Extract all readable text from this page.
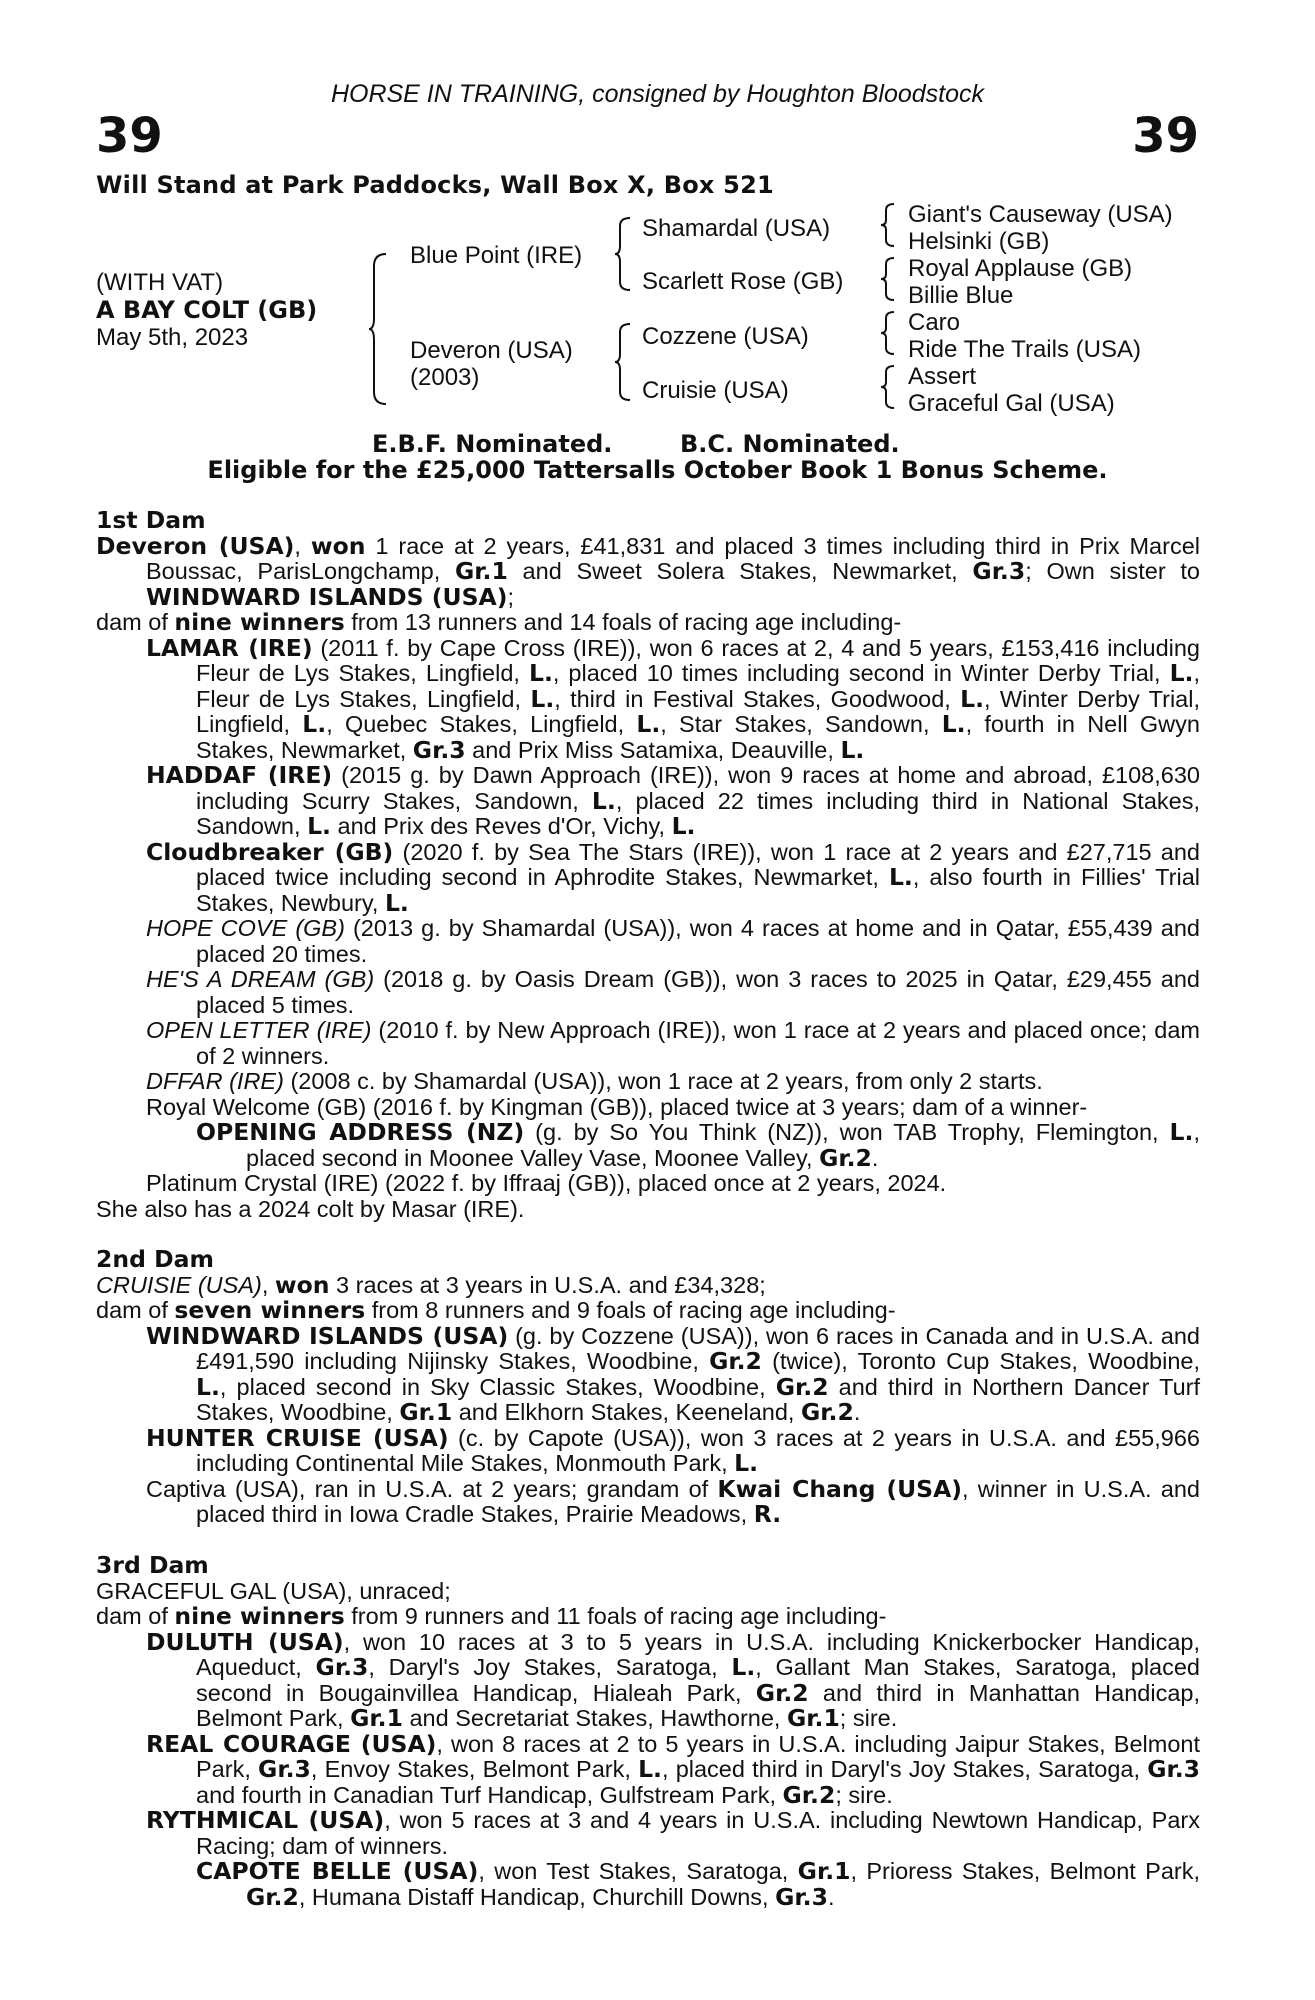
HORSE IN TRAINING, consigned by Houghton Bloodstock
39	39
Will Stand at Park Paddocks, Wall Box X, Box 521
(WITH VAT)
A BAY COLT (GB)
May 5th, 2023
Blue Point (IRE)
Deveron (USA)
(2003)
Shamardal (USA)
Scarlett Rose (GB)
Cozzene (USA)
Cruisie (USA)
Giant's Causeway (USA)
Helsinki (GB)
Royal Applause (GB)
Billie Blue
Caro
Ride The Trails (USA)
Assert
Graceful Gal (USA)
E.B.F. Nominated.	B.C. Nominated.
Eligible for the £25,000 Tattersalls October Book 1 Bonus Scheme.
1st Dam

Deveron (USA), won 1 race at 2 years, £41,831 and placed 3 times including third in Prix Marcel Boussac, ParisLongchamp, Gr.1 and Sweet Solera Stakes, Newmarket, Gr.3; Own sister to WINDWARD ISLANDS (USA);

dam of nine winners from 13 runners and 14 foals of racing age including-

LAMAR (IRE) (2011 f. by Cape Cross (IRE)), won 6 races at 2, 4 and 5 years, £153,416 including Fleur de Lys Stakes, Lingfield, L., placed 10 times including second in Winter Derby Trial, L., Fleur de Lys Stakes, Lingfield, L., third in Festival Stakes, Goodwood, L., Winter Derby Trial, Lingfield, L., Quebec Stakes, Lingfield, L., Star Stakes, Sandown, L., fourth in Nell Gwyn Stakes, Newmarket, Gr.3 and Prix Miss Satamixa, Deauville, L.

HADDAF (IRE) (2015 g. by Dawn Approach (IRE)), won 9 races at home and abroad, £108,630 including Scurry Stakes, Sandown, L., placed 22 times including third in National Stakes, Sandown, L. and Prix des Reves d'Or, Vichy, L.

Cloudbreaker (GB) (2020 f. by Sea The Stars (IRE)), won 1 race at 2 years and £27,715 and placed twice including second in Aphrodite Stakes, Newmarket, L., also fourth in Fillies' Trial Stakes, Newbury, L.

HOPE COVE (GB) (2013 g. by Shamardal (USA)), won 4 races at home and in Qatar, £55,439 and placed 20 times.

HE'S A DREAM (GB) (2018 g. by Oasis Dream (GB)), won 3 races to 2025 in Qatar, £29,455 and placed 5 times.

OPEN LETTER (IRE) (2010 f. by New Approach (IRE)), won 1 race at 2 years and placed once; dam of 2 winners.

DFFAR (IRE) (2008 c. by Shamardal (USA)), won 1 race at 2 years, from only 2 starts.

Royal Welcome (GB) (2016 f. by Kingman (GB)), placed twice at 3 years; dam of a winner-

OPENING ADDRESS (NZ) (g. by So You Think (NZ)), won TAB Trophy, Flemington, L., placed second in Moonee Valley Vase, Moonee Valley, Gr.2.

Platinum Crystal (IRE) (2022 f. by Iffraaj (GB)), placed once at 2 years, 2024.

She also has a 2024 colt by Masar (IRE).

2nd Dam

CRUISIE (USA), won 3 races at 3 years in U.S.A. and £34,328;

dam of seven winners from 8 runners and 9 foals of racing age including-

WINDWARD ISLANDS (USA) (g. by Cozzene (USA)), won 6 races in Canada and in U.S.A. and £491,590 including Nijinsky Stakes, Woodbine, Gr.2 (twice), Toronto Cup Stakes, Woodbine, L., placed second in Sky Classic Stakes, Woodbine, Gr.2 and third in Northern Dancer Turf Stakes, Woodbine, Gr.1 and Elkhorn Stakes, Keeneland, Gr.2.

HUNTER CRUISE (USA) (c. by Capote (USA)), won 3 races at 2 years in U.S.A. and £55,966 including Continental Mile Stakes, Monmouth Park, L.

Captiva (USA), ran in U.S.A. at 2 years; grandam of Kwai Chang (USA), winner in U.S.A. and placed third in Iowa Cradle Stakes, Prairie Meadows, R.

3rd Dam

GRACEFUL GAL (USA), unraced;

dam of nine winners from 9 runners and 11 foals of racing age including-

DULUTH (USA), won 10 races at 3 to 5 years in U.S.A. including Knickerbocker Handicap, Aqueduct, Gr.3, Daryl's Joy Stakes, Saratoga, L., Gallant Man Stakes, Saratoga, placed second in Bougainvillea Handicap, Hialeah Park, Gr.2 and third in Manhattan Handicap, Belmont Park, Gr.1 and Secretariat Stakes, Hawthorne, Gr.1; sire.

REAL COURAGE (USA), won 8 races at 2 to 5 years in U.S.A. including Jaipur Stakes, Belmont Park, Gr.3, Envoy Stakes, Belmont Park, L., placed third in Daryl's Joy Stakes, Saratoga, Gr.3 and fourth in Canadian Turf Handicap, Gulfstream Park, Gr.2; sire.

RYTHMICAL (USA), won 5 races at 3 and 4 years in U.S.A. including Newtown Handicap, Parx Racing; dam of winners.

CAPOTE BELLE (USA), won Test Stakes, Saratoga, Gr.1, Prioress Stakes, Belmont Park, Gr.2, Humana Distaff Handicap, Churchill Downs, Gr.3.
